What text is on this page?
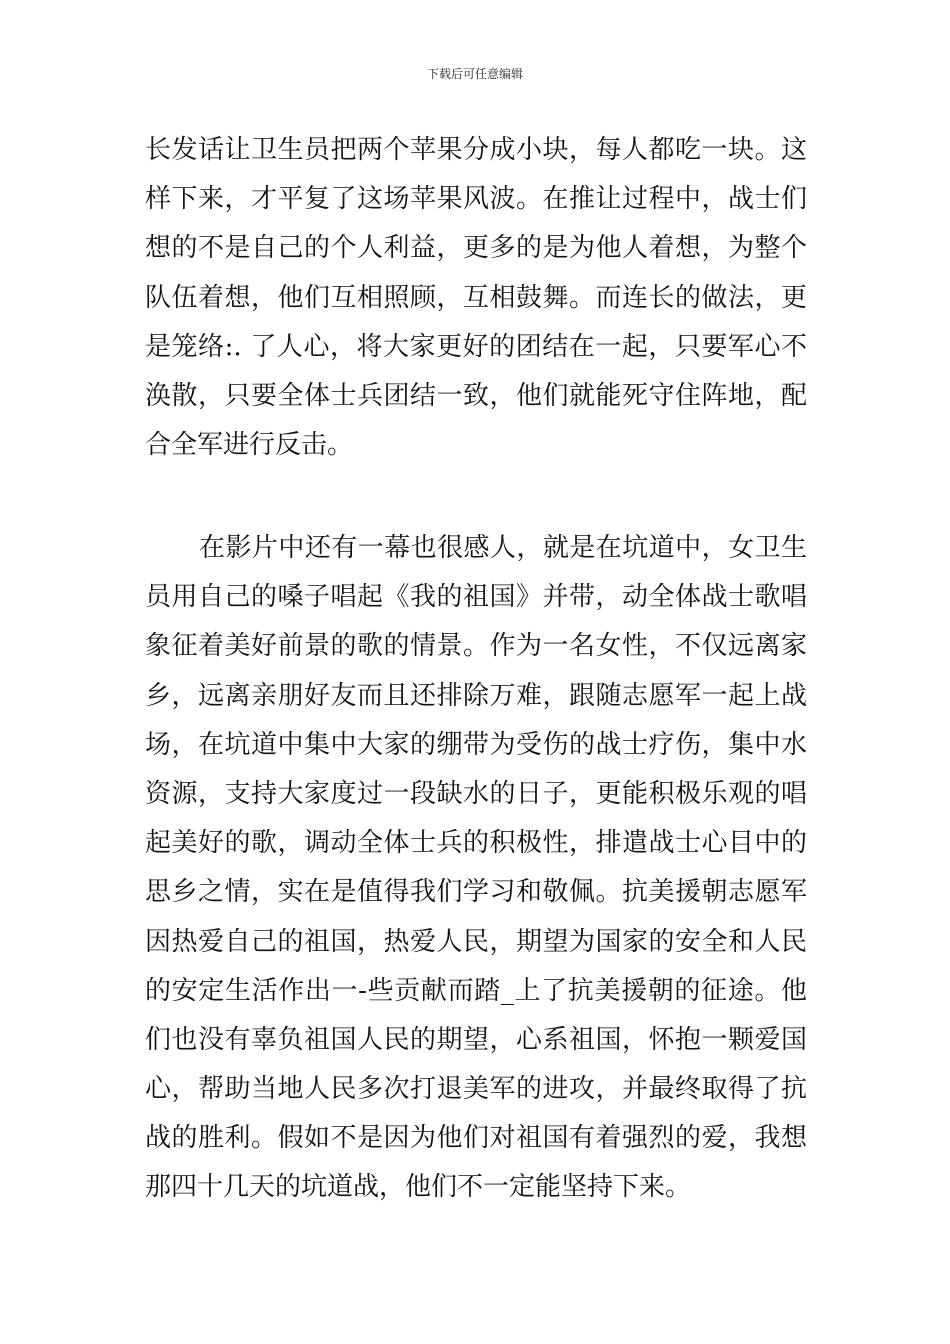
下载后可任意编辑
长发话让卫生员把两个苹果分成小块，每人都吃一块。这
样下来，才平复了这场苹果风波。在推让过程中，战士们
想的不是自己的个人利益，更多的是为他人着想，为整个
队伍着想，他们互相照顾，互相鼓舞。而连长的做法，更
是笼络:. 了人心，将大家更好的团结在一起，只要军心不
涣散，只要全体士兵团结一致，他们就能死守住阵地，配
合全军进行反击。
在影片中还有一幕也很感人，就是在坑道中，女卫生
员用自己的嗓子唱起《我的祖国》并带，动全体战士歌唱
象征着美好前景的歌的情景。作为一名女性，不仅远离家
乡，远离亲朋好友而且还排除万难，跟随志愿军一起上战
场，在坑道中集中大家的绷带为受伤的战士疗伤，集中水
资源，支持大家度过一段缺水的日子，更能积极乐观的唱
起美好的歌，调动全体士兵的积极性，排遣战士心目中的
思乡之情，实在是值得我们学习和敬佩。抗美援朝志愿军
因热爱自己的祖国，热爱人民，期望为国家的安全和人民
的安定生活作出一-些贡献而踏_上了抗美援朝的征途。他
们也没有辜负祖国人民的期望，心系祖国，怀抱一颗爱国
心，帮助当地人民多次打退美军的进攻，并最终取得了抗
战的胜利。假如不是因为他们对祖国有着强烈的爱，我想
那四十几天的坑道战，他们不一定能坚持下来。
